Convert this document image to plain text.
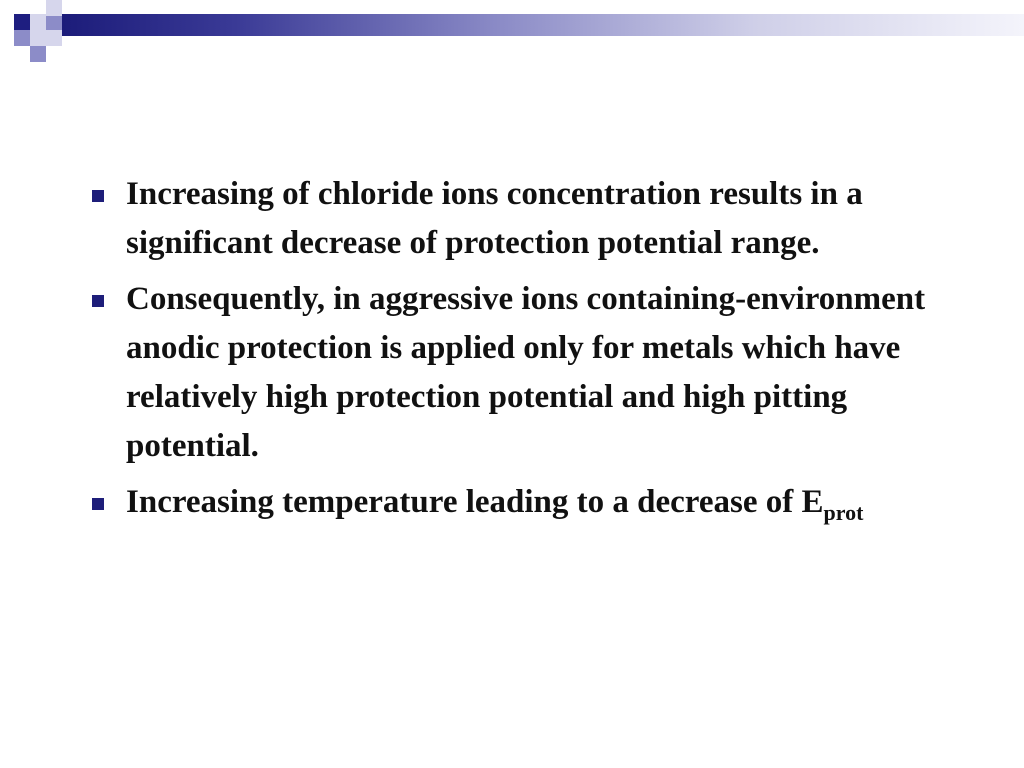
Increasing of chloride ions concentration results in a significant decrease of protection potential range.
Consequently, in aggressive ions containing-environment anodic protection is applied only for metals which have relatively high protection potential and high pitting potential.
Increasing temperature leading to a decrease of $E_{prot}$
